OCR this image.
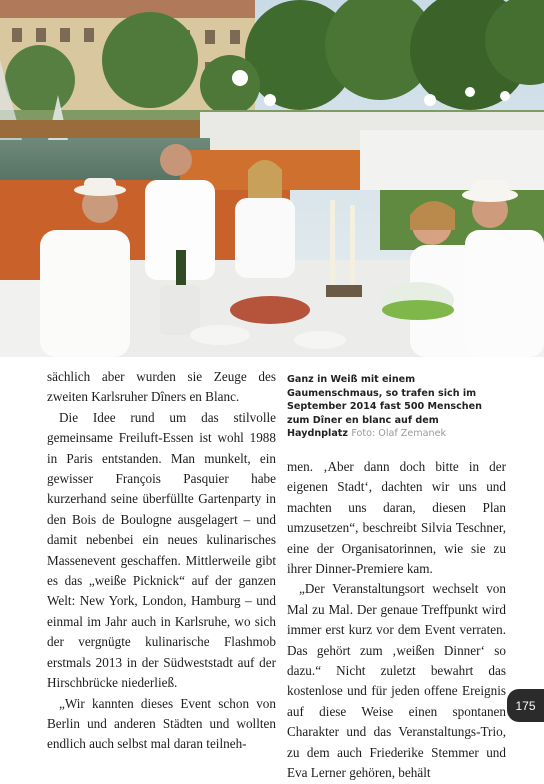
sächlich aber wurden sie Zeuge des zweiten Karlsruher Dîners en Blanc.

Die Idee rund um das stilvolle gemeinsame Freiluft-Essen ist wohl 1988 in Paris entstanden. Man munkelt, ein gewisser François Pasquier habe kurzerhand seine überfüllte Gartenparty in den Bois de Boulogne ausgelagert – und damit nebenbei ein neues kulinarisches Massenevent geschaffen. Mittlerweile gibt es das „weiße Picknick“ auf der ganzen Welt: New York, London, Hamburg – und einmal im Jahr auch in Karlsruhe, wo sich der vergnügte kulinarische Flashmob erstmals 2013 in der Südweststadt auf der Hirschbrücke niederließ.

„Wir kannten dieses Event schon von Berlin und anderen Städten und wollten endlich auch selbst mal daran teilneh-

Ganz in Weiß mit einem Gaumenschmaus, so trafen sich im September 2014 fast 500 Menschen zum Dîner en blanc auf dem Haydnplatz Foto: Olaf Zemanek

men. ‚Aber dann doch bitte in der eigenen Stadt‘, dachten wir uns und machten uns daran, diesen Plan umzusetzen“, beschreibt Silvia Teschner, eine der Organisatorinnen, wie sie zu ihrer Dinner-Premiere kam.

„Der Veranstaltungsort wechselt von Mal zu Mal. Der genaue Treffpunkt wird immer erst kurz vor dem Event verraten. Das gehört zum ‚weißen Dinner‘ so dazu.“ Nicht zuletzt bewahrt das kostenlose und für jeden offene Ereignis auf diese Weise einen spontanen Charakter und das Veranstaltungs-Trio, zu dem auch Friederike Stemmer und Eva Lerner gehören, behält

175
